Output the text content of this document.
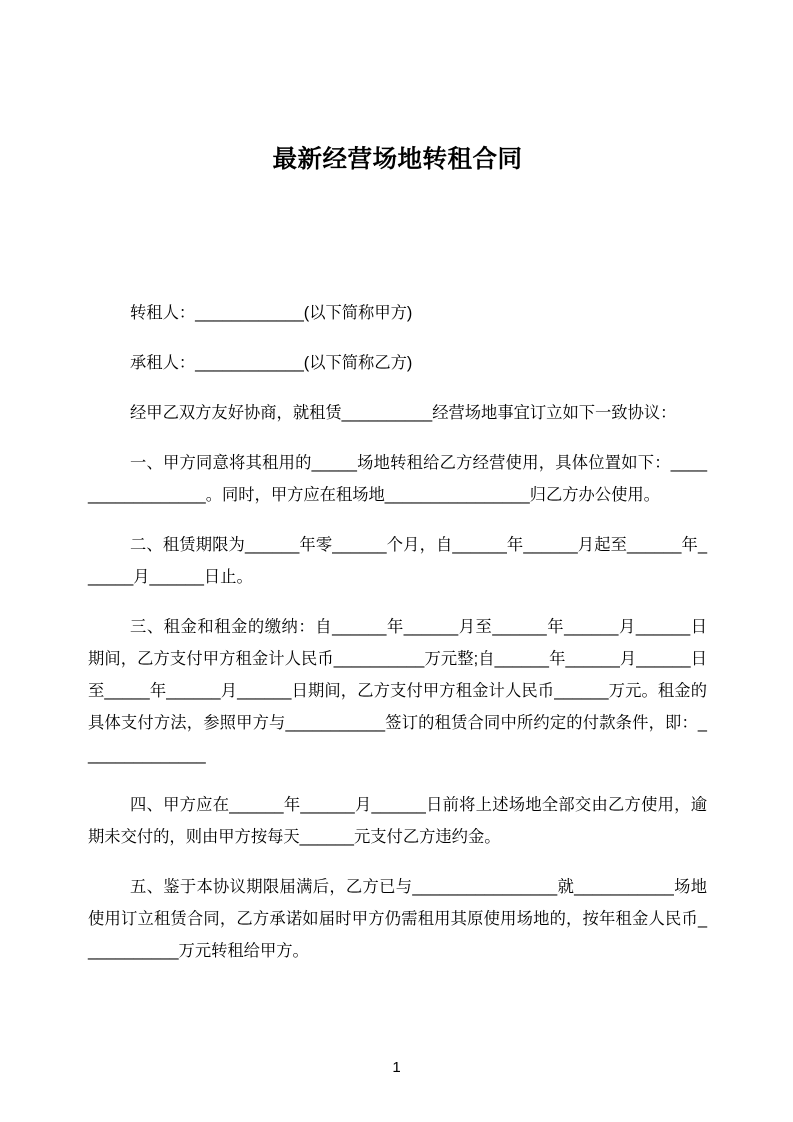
最新经营场地转租合同

转租人：____________(以下简称甲方)

承租人：____________(以下简称乙方)

经甲乙双方友好协商，就租赁__________经营场地事宜订立如下一致协议：

一、甲方同意将其租用的_____场地转租给乙方经营使用，具体位置如下：_________________。同时，甲方应在租场地________________归乙方办公使用。

二、租赁期限为______年零______个月，自______年______月起至______年______月______日止。

三、租金和租金的缴纳：自______年______月至______年______月______日期间，乙方支付甲方租金计人民币__________万元整;自______年______月______日至_____年______月______日期间，乙方支付甲方租金计人民币______万元。租金的具体支付方法，参照甲方与___________签订的租赁合同中所约定的付款条件，即：______________

四、甲方应在______年______月______日前将上述场地全部交由乙方使用，逾期未交付的，则由甲方按每天______元支付乙方违约金。

五、鉴于本协议期限届满后，乙方已与________________就___________场地使用订立租赁合同，乙方承诺如届时甲方仍需租用其原使用场地的，按年租金人民币___________万元转租给甲方。

1
